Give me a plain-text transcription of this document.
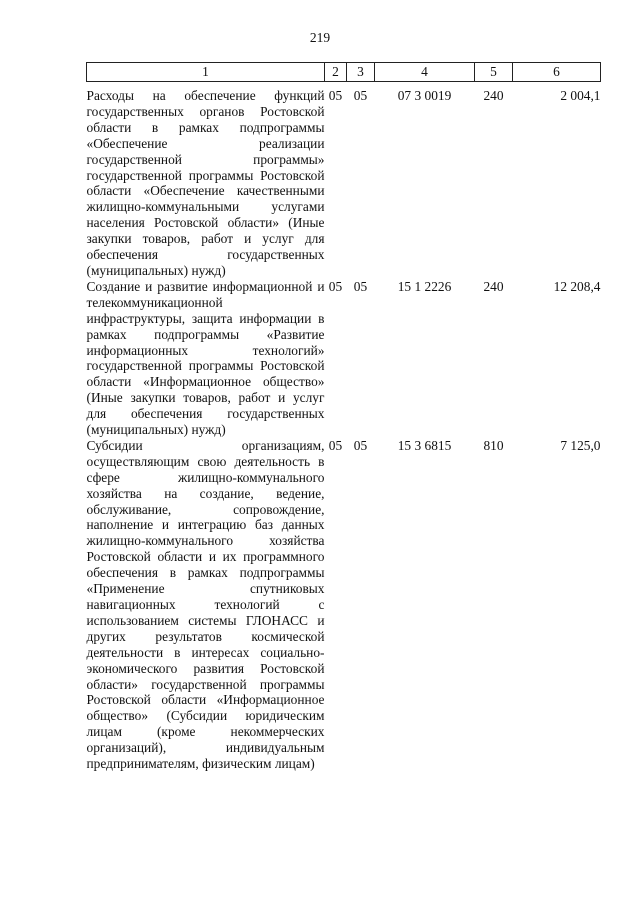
219
1	2	3	4	5	6
Расходы на обеспечение функций государственных органов Ростовской области в рамках подпрограммы «Обеспечение реализации государственной программы» государственной программы Ростовской области «Обеспечение качественными жилищно-коммунальными услугами населения Ростовской области» (Иные закупки товаров, работ и услуг для обеспечения государственных (муниципальных) нужд)	05	05	07 3 0019	240	2 004,1
Создание и развитие информационной и телекоммуникационной инфраструктуры, защита информации в рамках подпрограммы «Развитие информационных технологий» государственной программы Ростовской области «Информационное общество» (Иные закупки товаров, работ и услуг для обеспечения государственных (муниципальных) нужд)	05	05	15 1 2226	240	12 208,4
Субсидии организациям, осуществляющим свою деятельность в сфере жилищно-коммунального хозяйства на создание, ведение, обслуживание, сопровождение, наполнение и интеграцию баз данных жилищно-коммунального хозяйства Ростовской области и их программного обеспечения в рамках подпрограммы «Применение спутниковых навигационных технологий с использованием системы ГЛОНАСС и других результатов космической деятельности в интересах социально-экономического развития Ростовской области» государственной программы Ростовской области «Информационное общество» (Субсидии юридическим лицам (кроме некоммерческих организаций), индивидуальным предпринимателям, физическим лицам)	05	05	15 3 6815	810	7 125,0
